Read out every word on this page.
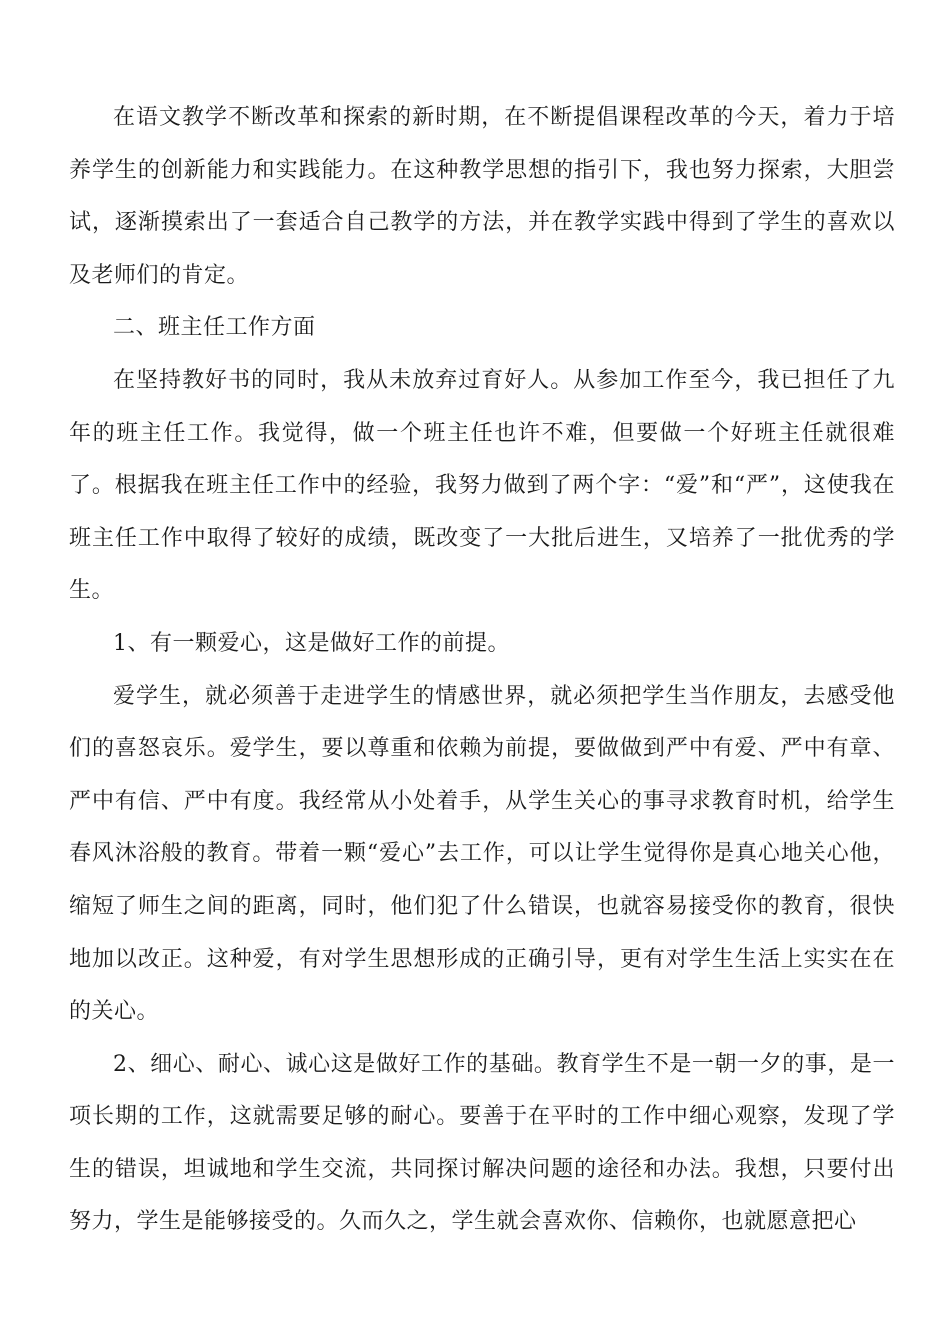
在语文教学不断改革和探索的新时期，在不断提倡课程改革的今天，着力于培养学生的创新能力和实践能力。在这种教学思想的指引下，我也努力探索，大胆尝试，逐渐摸索出了一套适合自己教学的方法，并在教学实践中得到了学生的喜欢以及老师们的肯定。

二、班主任工作方面

在坚持教好书的同时，我从未放弃过育好人。从参加工作至今，我已担任了九年的班主任工作。我觉得，做一个班主任也许不难，但要做一个好班主任就很难了。根据我在班主任工作中的经验，我努力做到了两个字：“爱”和“严”，这使我在班主任工作中取得了较好的成绩，既改变了一大批后进生，又培养了一批优秀的学生。

1、有一颗爱心，这是做好工作的前提。

爱学生，就必须善于走进学生的情感世界，就必须把学生当作朋友，去感受他们的喜怒哀乐。爱学生，要以尊重和依赖为前提，要做做到严中有爱、严中有章、严中有信、严中有度。我经常从小处着手，从学生关心的事寻求教育时机，给学生春风沐浴般的教育。带着一颗“爱心”去工作，可以让学生觉得你是真心地关心他，缩短了师生之间的距离，同时，他们犯了什么错误，也就容易接受你的教育，很快地加以改正。这种爱，有对学生思想形成的正确引导，更有对学生生活上实实在在的关心。

2、细心、耐心、诚心这是做好工作的基础。教育学生不是一朝一夕的事，是一项长期的工作，这就需要足够的耐心。要善于在平时的工作中细心观察，发现了学生的错误，坦诚地和学生交流，共同探讨解决问题的途径和办法。我想，只要付出努力，学生是能够接受的。久而久之，学生就会喜欢你、信赖你，也就愿意把心
